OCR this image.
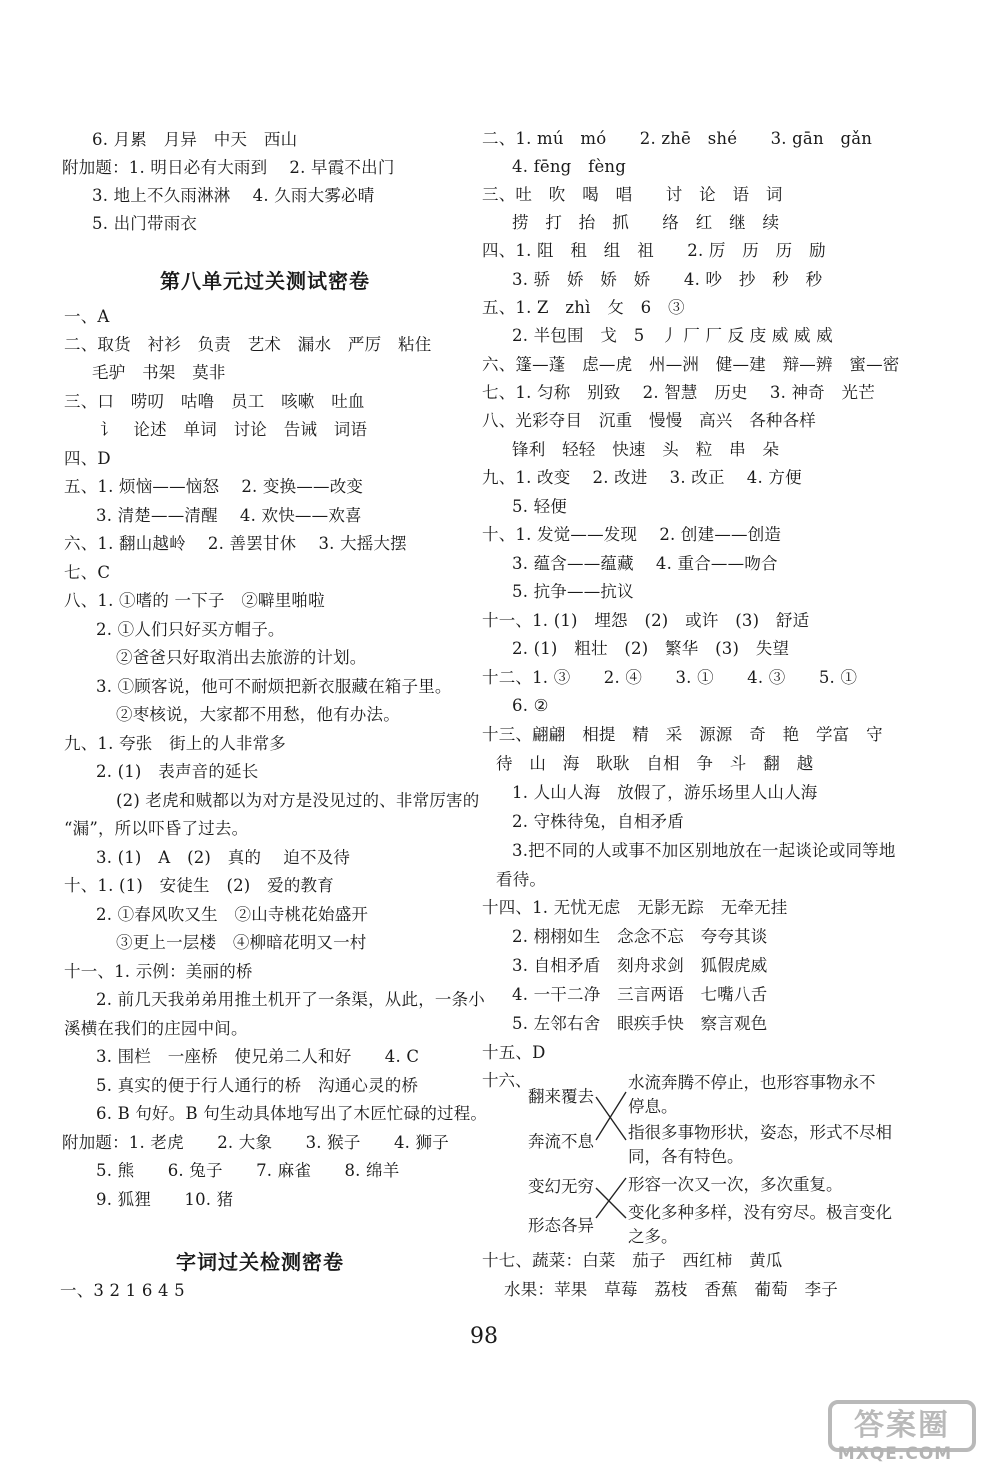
6. 月累　月异　中天　西山
附加题：1. 明日必有大雨到　 2. 早霞不出门
3. 地上不久雨淋淋　 4. 久雨大雾必晴
5. 出门带雨衣
第八单元过关测试密卷
一、A
二、取货　衬衫　负责　艺术　漏水　严厉　粘住
毛驴　书架　莫非
三、口　唠叨　咕噜　员工　咳嗽　吐血
讠　论述　单词　讨论　告诫　词语
四、D
五、1. 烦恼——恼怒　 2. 变换——改变
3. 清楚——清醒　 4. 欢快——欢喜
六、1. 翻山越岭　 2. 善罢甘休　 3. 大摇大摆
七、C
八、1. ①嗜的 一下子　②噼里啪啦
2. ①人们只好买方帽子。
②爸爸只好取消出去旅游的计划。
3. ①顾客说，他可不耐烦把新衣服藏在箱子里。
②枣核说，大家都不用愁，他有办法。
九、1. 夸张　街上的人非常多
2. (1)　表声音的延长
(2) 老虎和贼都以为对方是没见过的、非常厉害的
“漏”，所以吓昏了过去。
3. (1)　A　(2)　真的　 迫不及待
十、1. (1)　安徒生　(2)　爱的教育
2. ①春风吹又生　②山寺桃花始盛开
③更上一层楼　④柳暗花明又一村
十一、1. 示例：美丽的桥
2. 前几天我弟弟用推土机开了一条渠，从此，一条小
溪横在我们的庄园中间。
3. 围栏　一座桥　使兄弟二人和好　　4. C
5. 真实的便于行人通行的桥　沟通心灵的桥
6. B 句好。B 句生动具体地写出了木匠忙碌的过程。
附加题：1. 老虎　　2. 大象　　3. 猴子　　4. 狮子
5. 熊　　6. 兔子　　7. 麻雀　　8. 绵羊
9. 狐狸　　10. 猪
字词过关检测密卷
一、3 2 1 6 4 5
二、1. mú　mó　　2. zhē　shé　　3. gān　gǎn
4. fēng　fèng
三、吐　吹　喝　唱　　讨　论　语　词
捞　打　抬　抓　　络　红　继　续
四、1. 阻　租　组　祖　　2. 厉　历　历　励
3. 骄　娇　娇　娇　　4. 吵　抄　秒　秒
五、1. Z　zhì　攵　6　③
2. 半包围　戈　5　丿 厂 厂 反 庋 威 威 威
六、篷—蓬　虑—虎　州—洲　健—建　辩—辨　蜜—密
七、1. 匀称　别致　 2. 智慧　历史　 3. 神奇　光芒
八、光彩夺目　沉重　慢慢　高兴　各种各样
锋利　轻轻　快速　头　粒　串　朵
九、1. 改变　 2. 改进　 3. 改正　 4. 方便
5. 轻便
十、1. 发觉——发现　 2. 创建——创造
3. 蕴含——蕴藏　 4. 重合——吻合
5. 抗争——抗议
十一、1. (1)　埋怨　(2)　或许　(3)　舒适
2. (1)　粗壮　(2)　繁华　(3)　失望
十二、1. ③　　2. ④　　3. ①　　4. ③　　5. ①
6. ②
十三、翩翩　相提　精　采　源源　奇　艳　学富　守
待　山　海　耿耿　自相　争　斗　翻　越
1. 人山人海　放假了，游乐场里人山人海
2. 守株待兔，自相矛盾
3.把不同的人或事不加区别地放在一起谈论或同等地
看待。
十四、1. 无忧无虑　无影无踪　无牵无挂
2. 栩栩如生　念念不忘　夸夸其谈
3. 自相矛盾　刻舟求剑　狐假虎威
4. 一干二净　三言两语　七嘴八舌
5. 左邻右舍　眼疾手快　察言观色
十五、D
十七、蔬菜：白菜　茄子　西红柿　黄瓜
水果：苹果　草莓　荔枝　香蕉　葡萄　李子
十六、
翻来覆去
奔流不息
变幻无穷
形态各异
水流奔腾不停止，也形容事物永不
停息。
指很多事物形状，姿态，形式不尽相
同，各有特色。
形容一次又一次，多次重复。
变化多种多样，没有穷尽。极言变化
之多。
98
答案圈
MXQE.COM
